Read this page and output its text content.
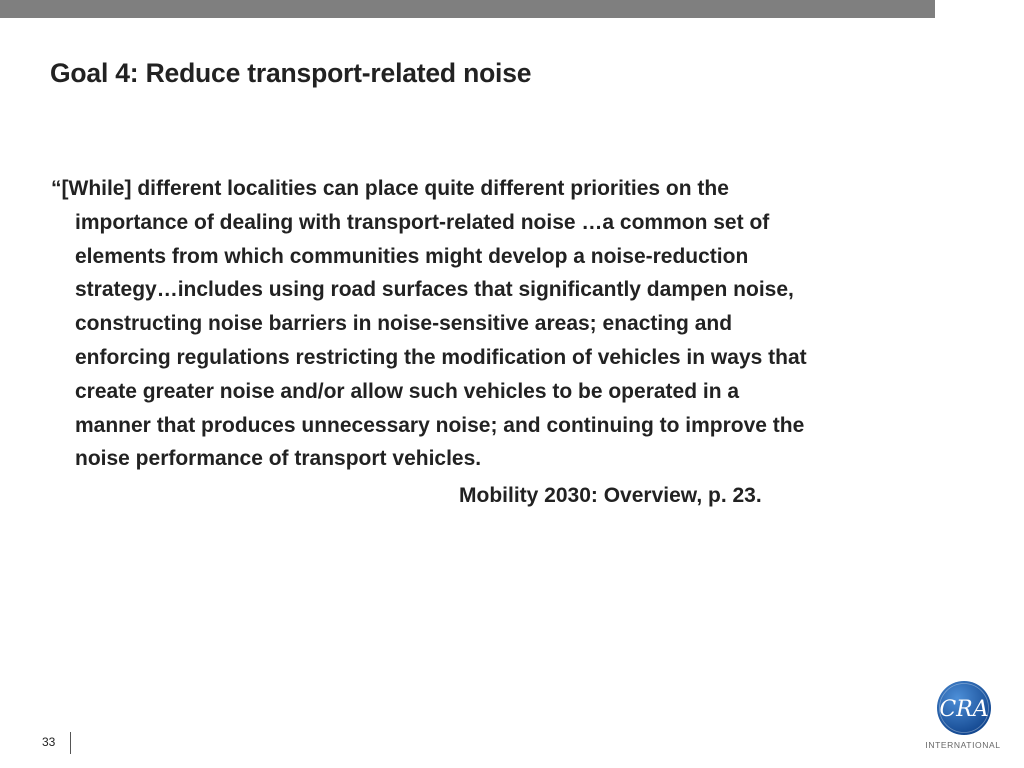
Goal 4: Reduce transport-related noise

“[While] different localities can place quite different priorities on the
importance of dealing with transport-related noise …a common set of
elements from which communities might develop a noise-reduction
strategy…includes using road surfaces that significantly dampen noise,
constructing noise barriers in noise-sensitive areas; enacting and
enforcing regulations restricting the modification of vehicles in ways that
create greater noise and/or allow such vehicles to be operated in a
manner that produces unnecessary noise; and continuing to improve the
noise performance of transport vehicles.

Mobility 2030: Overview, p. 23.

33
CRA
INTERNATIONAL
